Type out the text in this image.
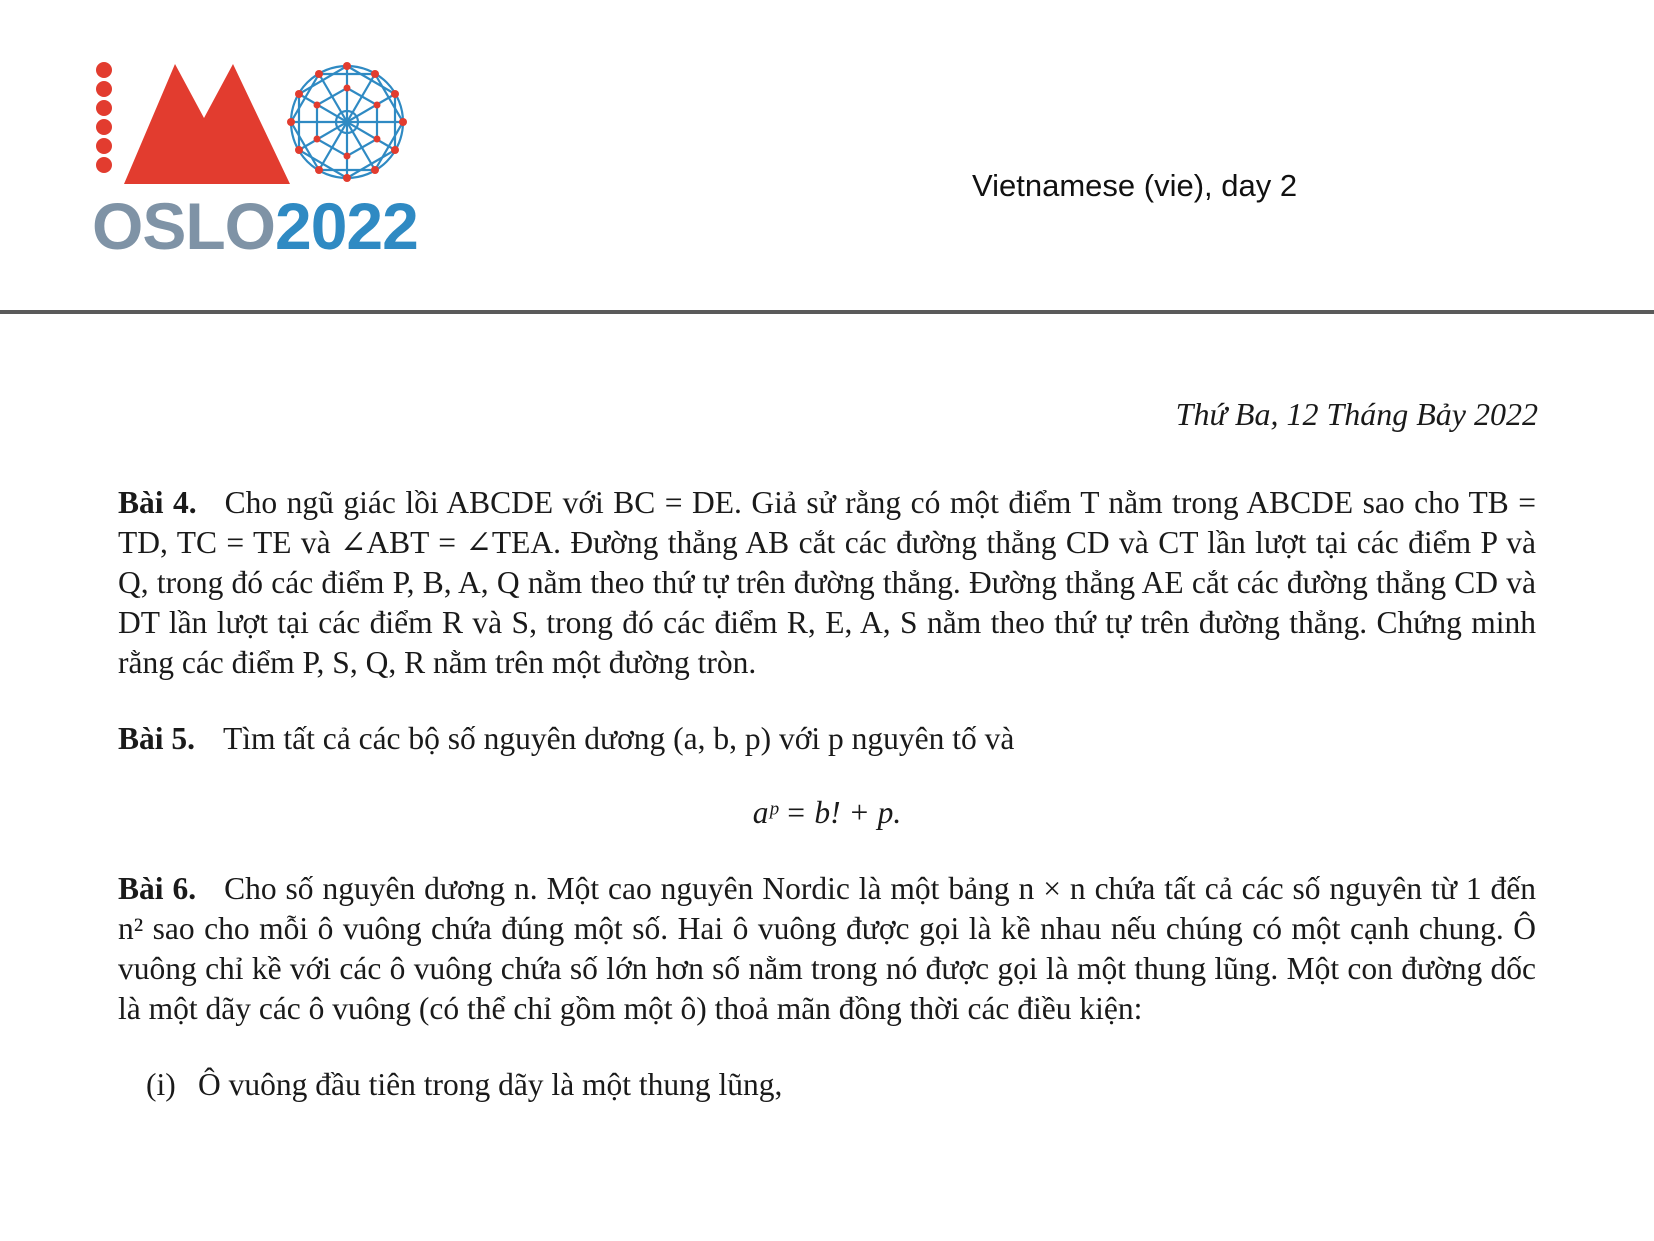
OSLO2022
Vietnamese (vie), day 2
Thứ Ba, 12 Tháng Bảy 2022

Bài 4. Cho ngũ giác lồi ABCDE với BC = DE. Giả sử rằng có một điểm T nằm trong ABCDE sao cho TB = TD, TC = TE và ∠ABT = ∠TEA. Đường thẳng AB cắt các đường thẳng CD và CT lần lượt tại các điểm P và Q, trong đó các điểm P, B, A, Q nằm theo thứ tự trên đường thẳng. Đường thẳng AE cắt các đường thẳng CD và DT lần lượt tại các điểm R và S, trong đó các điểm R, E, A, S nằm theo thứ tự trên đường thẳng. Chứng minh rằng các điểm P, S, Q, R nằm trên một đường tròn.

Bài 5. Tìm tất cả các bộ số nguyên dương (a, b, p) với p nguyên tố và

aᵖ = b! + p.

Bài 6. Cho số nguyên dương n. Một cao nguyên Nordic là một bảng n × n chứa tất cả các số nguyên từ 1 đến n² sao cho mỗi ô vuông chứa đúng một số. Hai ô vuông được gọi là kề nhau nếu chúng có một cạnh chung. Ô vuông chỉ kề với các ô vuông chứa số lớn hơn số nằm trong nó được gọi là một thung lũng. Một con đường dốc là một dãy các ô vuông (có thể chỉ gồm một ô) thoả mãn đồng thời các điều kiện:

(i) Ô vuông đầu tiên trong dãy là một thung lũng,
